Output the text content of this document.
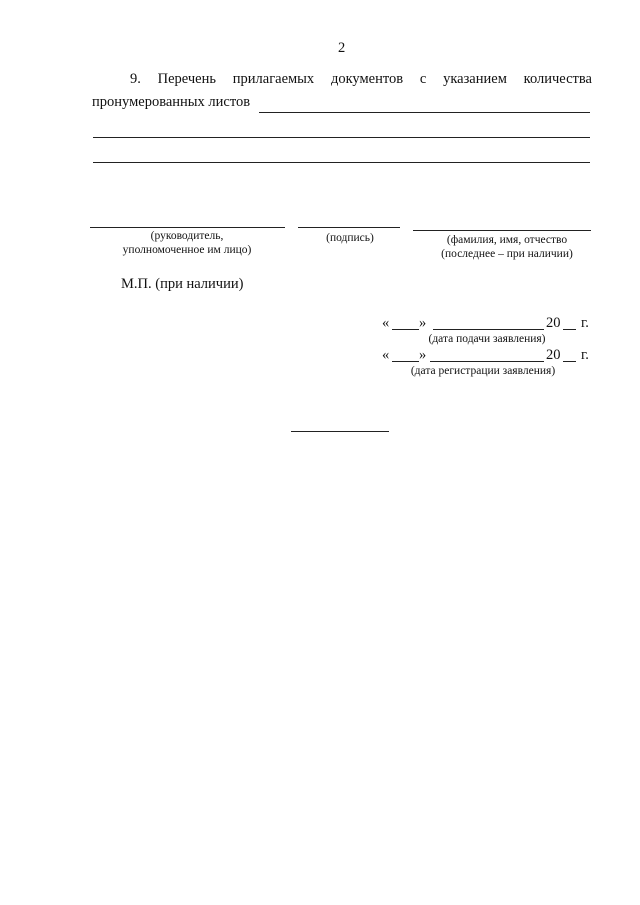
2
9. Перечень прилагаемых документов с указанием количества
пронумерованных листов
(руководитель,
уполномоченное им лицо)
(подпись)	(фамилия, имя, отчество
(последнее – при наличии)
М.П. (при наличии)
« »	20 г.
(дата подачи заявления)
« »	20 г.
(дата регистрации заявления)
